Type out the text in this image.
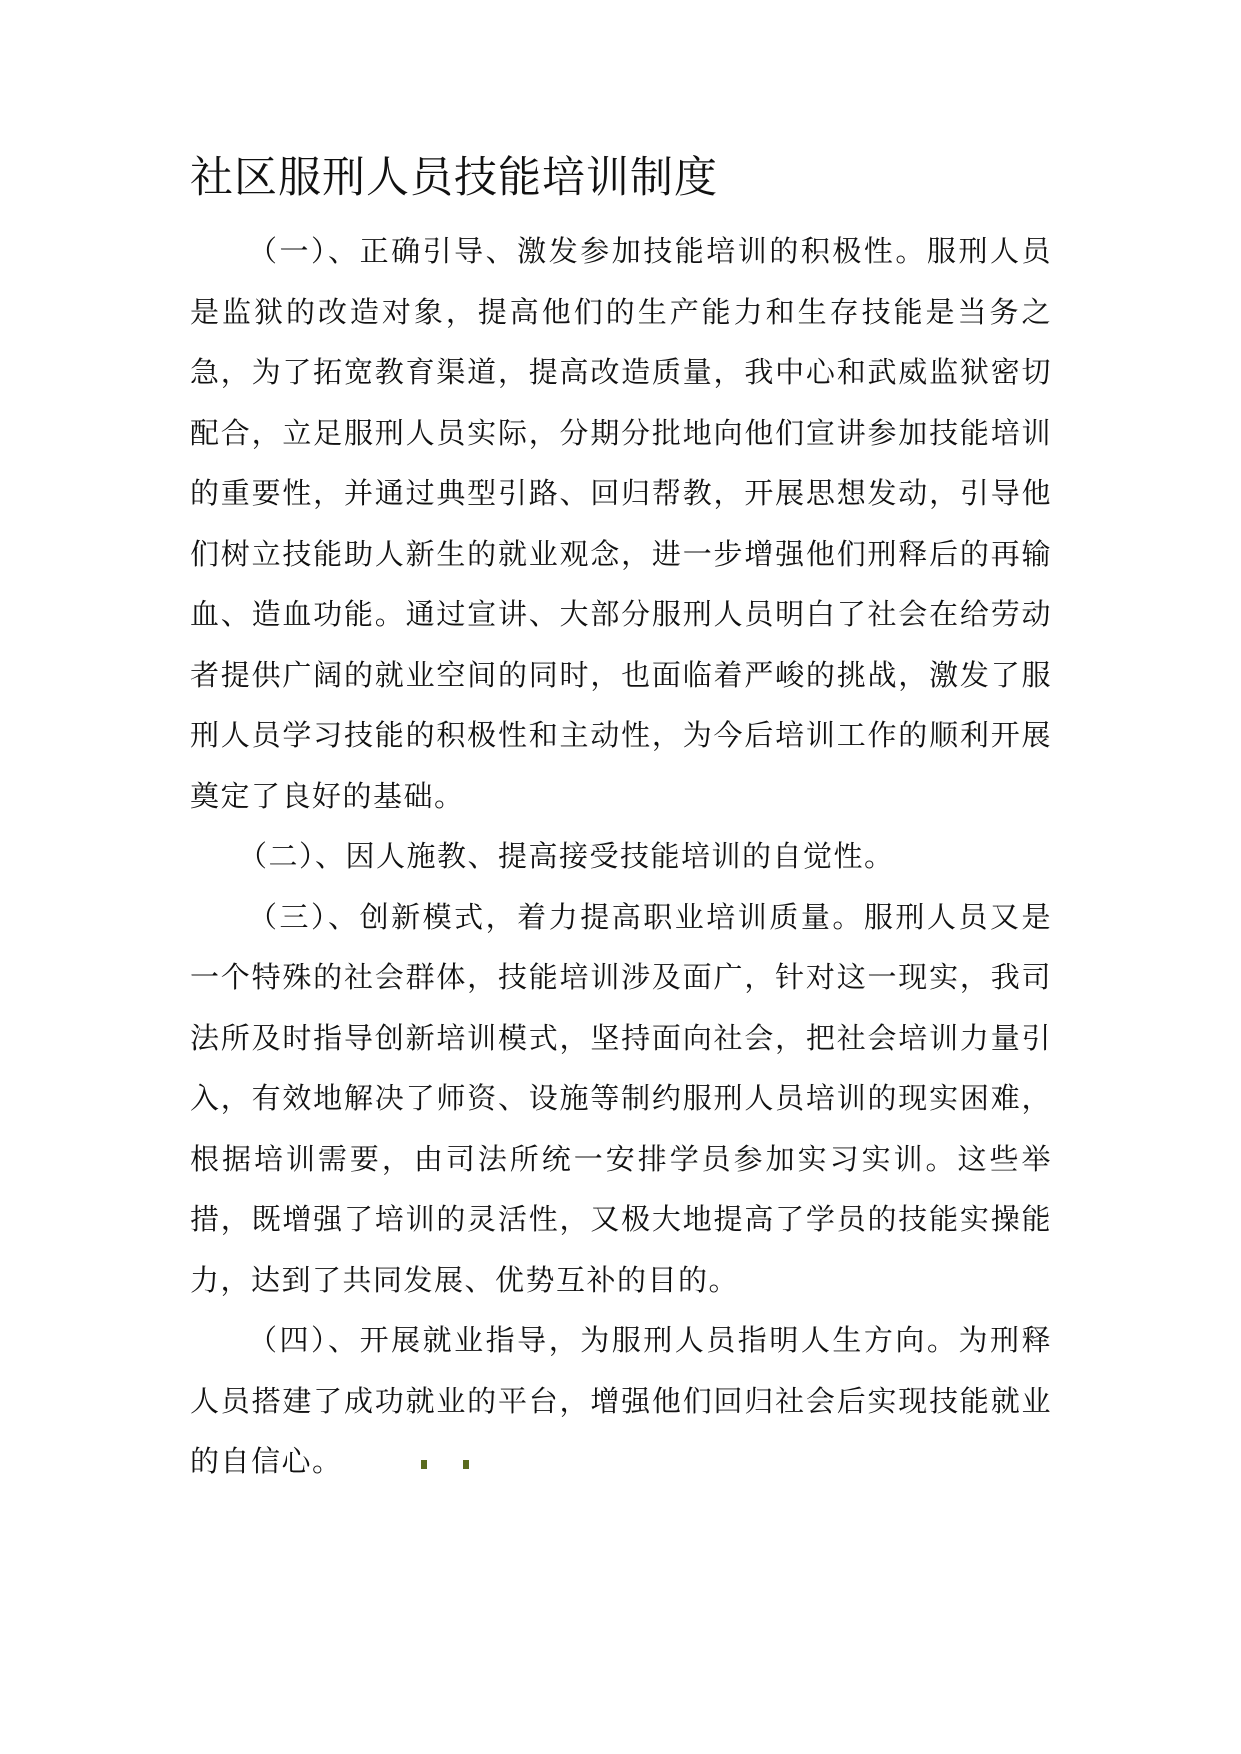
社区服刑人员技能培训制度

（一）、正确引导、激发参加技能培训的积极性。服刑人员是监狱的改造对象，提高他们的生产能力和生存技能是当务之急，为了拓宽教育渠道，提高改造质量，我中心和武威监狱密切配合，立足服刑人员实际，分期分批地向他们宣讲参加技能培训的重要性，并通过典型引路、回归帮教，开展思想发动，引导他们树立技能助人新生的就业观念，进一步增强他们刑释后的再输血、造血功能。通过宣讲、大部分服刑人员明白了社会在给劳动者提供广阔的就业空间的同时，也面临着严峻的挑战，激发了服刑人员学习技能的积极性和主动性，为今后培训工作的顺利开展奠定了良好的基础。

（二）、因人施教、提高接受技能培训的自觉性。

（三）、创新模式，着力提高职业培训质量。服刑人员又是一个特殊的社会群体，技能培训涉及面广，针对这一现实，我司法所及时指导创新培训模式，坚持面向社会，把社会培训力量引入，有效地解决了师资、设施等制约服刑人员培训的现实困难，根据培训需要，由司法所统一安排学员参加实习实训。这些举措，既增强了培训的灵活性，又极大地提高了学员的技能实操能力，达到了共同发展、优势互补的目的。

（四）、开展就业指导，为服刑人员指明人生方向。为刑释人员搭建了成功就业的平台，增强他们回归社会后实现技能就业的自信心。
